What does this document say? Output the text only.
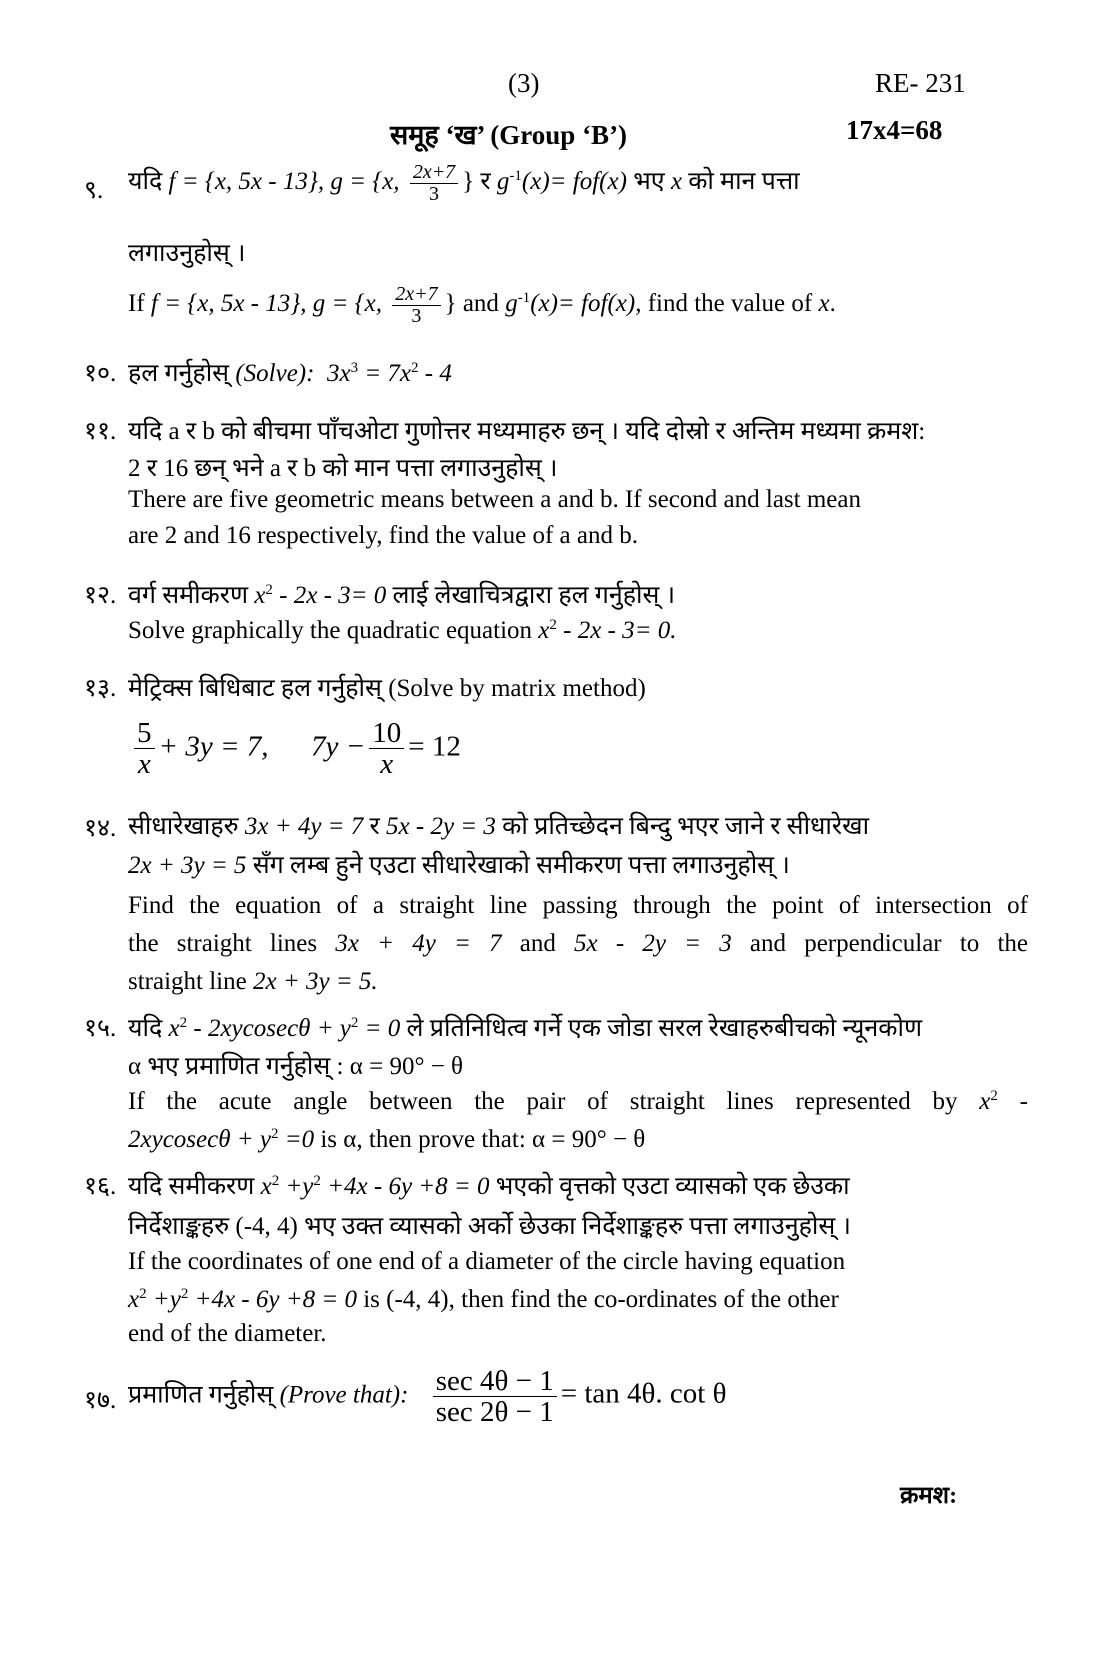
(3)	RE- 231
समूह ‘ख’ (Group ‘B’)	17x4=68
९. यदि f = {x, 5x - 13}, g = {x, $\frac{2x+7}{3}$ } र $g^{-1}(x)= fof(x)$ भए x को मान पत्ता
लगाउनुहोस् ।
If f = {x, 5x - 13}, g = {x, $\frac{2x+7}{3}$ } and $g^{-1}(x)= fof(x)$, find the value of x.
१०. हल गर्नुहोस् (Solve): $3x^3 = 7x^2 - 4$
११. यदि a र b को बीचमा पाँचओटा गुणोत्तर मध्यमाहरु छन् । यदि दोस्रो र अन्तिम मध्यमा क्रमश:
2 र 16 छन् भने a र b को मान पत्ता लगाउनुहोस् ।
There are five geometric means between a and b. If second and last mean
are 2 and 16 respectively, find the value of a and b.
१२. वर्ग समीकरण $x^2 - 2x - 3= 0$ लाई लेखाचित्रद्वारा हल गर्नुहोस् ।
Solve graphically the quadratic equation $x^2 - 2x - 3= 0$.
१३. मेट्रिक्स बिधिबाट हल गर्नुहोस् (Solve by matrix method)
$\frac{5}{x} + 3y = 7$, $7y - \frac{10}{x} = 12$
१४. सीधारेखाहरु 3x + 4y = 7 र 5x - 2y = 3 को प्रतिच्छेदन बिन्दु भएर जाने र सीधारेखा
2x + 3y = 5 सँग लम्ब हुने एउटा सीधारेखाको समीकरण पत्ता लगाउनुहोस् ।
Find the equation of a straight line passing through the point of intersection of
the straight lines 3x + 4y = 7 and 5x - 2y = 3 and perpendicular to the
straight line 2x + 3y = 5.
१५. यदि $x^2$ - 2xycosecθ + $y^2 = 0$ ले प्रतिनिधित्व गर्ने एक जोडा सरल रेखाहरुबीचको न्यूनकोण
α भए प्रमाणित गर्नुहोस् : α = 90° − θ
If the acute angle between the pair of straight lines represented by $x^2$ -
2xycosecθ + $y^2 =0$ is α, then prove that: α = 90° − θ
१६. यदि समीकरण $x^2 +y^2 +4x - 6y +8 = 0$ भएको वृत्तको एउटा व्यासको एक छेउका
निर्देशाङ्कहरु (-4, 4) भए उक्त व्यासको अर्को छेउका निर्देशाङ्कहरु पत्ता लगाउनुहोस् ।
If the coordinates of one end of a diameter of the circle having equation
$x^2 +y^2 +4x - 6y +8 = 0$ is (-4, 4), then find the co-ordinates of the other
end of the diameter.
१७. प्रमाणित गर्नुहोस् (Prove that): $\frac{\sec 4\theta - 1}{\sec 2\theta - 1} = \tan 4\theta$. cot θ
क्रमश:
